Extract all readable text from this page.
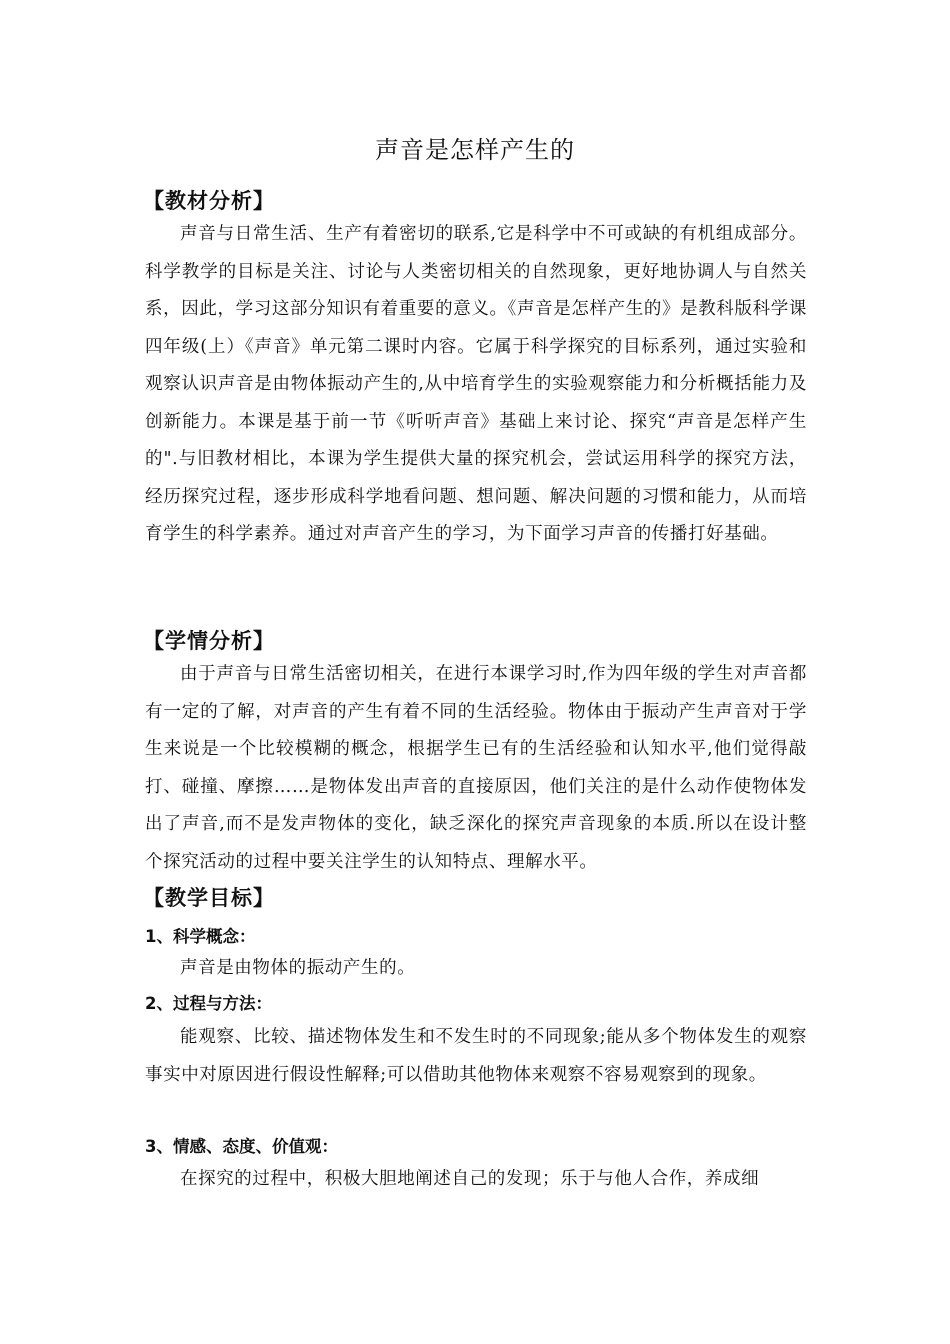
声音是怎样产生的
【教材分析】

声音与日常生活、生产有着密切的联系,它是科学中不可或缺的有机组成部分。科学教学的目标是关注、讨论与人类密切相关的自然现象，更好地协调人与自然关系，因此，学习这部分知识有着重要的意义。《声音是怎样产生的》是教科版科学课四年级(上）《声音》单元第二课时内容。它属于科学探究的目标系列，通过实验和观察认识声音是由物体振动产生的,从中培育学生的实验观察能力和分析概括能力及创新能力。本课是基于前一节《听听声音》基础上来讨论、探究“声音是怎样产生的".与旧教材相比，本课为学生提供大量的探究机会，尝试运用科学的探究方法，经历探究过程，逐步形成科学地看问题、想问题、解决问题的习惯和能力，从而培育学生的科学素养。通过对声音产生的学习，为下面学习声音的传播打好基础。

【学情分析】

由于声音与日常生活密切相关，在进行本课学习时,作为四年级的学生对声音都有一定的了解，对声音的产生有着不同的生活经验。物体由于振动产生声音对于学生来说是一个比较模糊的概念，根据学生已有的生活经验和认知水平,他们觉得敲打、碰撞、摩擦……是物体发出声音的直接原因，他们关注的是什么动作使物体发出了声音,而不是发声物体的变化，缺乏深化的探究声音现象的本质.所以在设计整个探究活动的过程中要关注学生的认知特点、理解水平。

【教学目标】
1、科学概念：

声音是由物体的振动产生的。

2、过程与方法：

能观察、比较、描述物体发生和不发生时的不同现象;能从多个物体发生的观察事实中对原因进行假设性解释;可以借助其他物体来观察不容易观察到的现象。

3、情感、态度、价值观：

在探究的过程中，积极大胆地阐述自己的发现；乐于与他人合作，养成细
